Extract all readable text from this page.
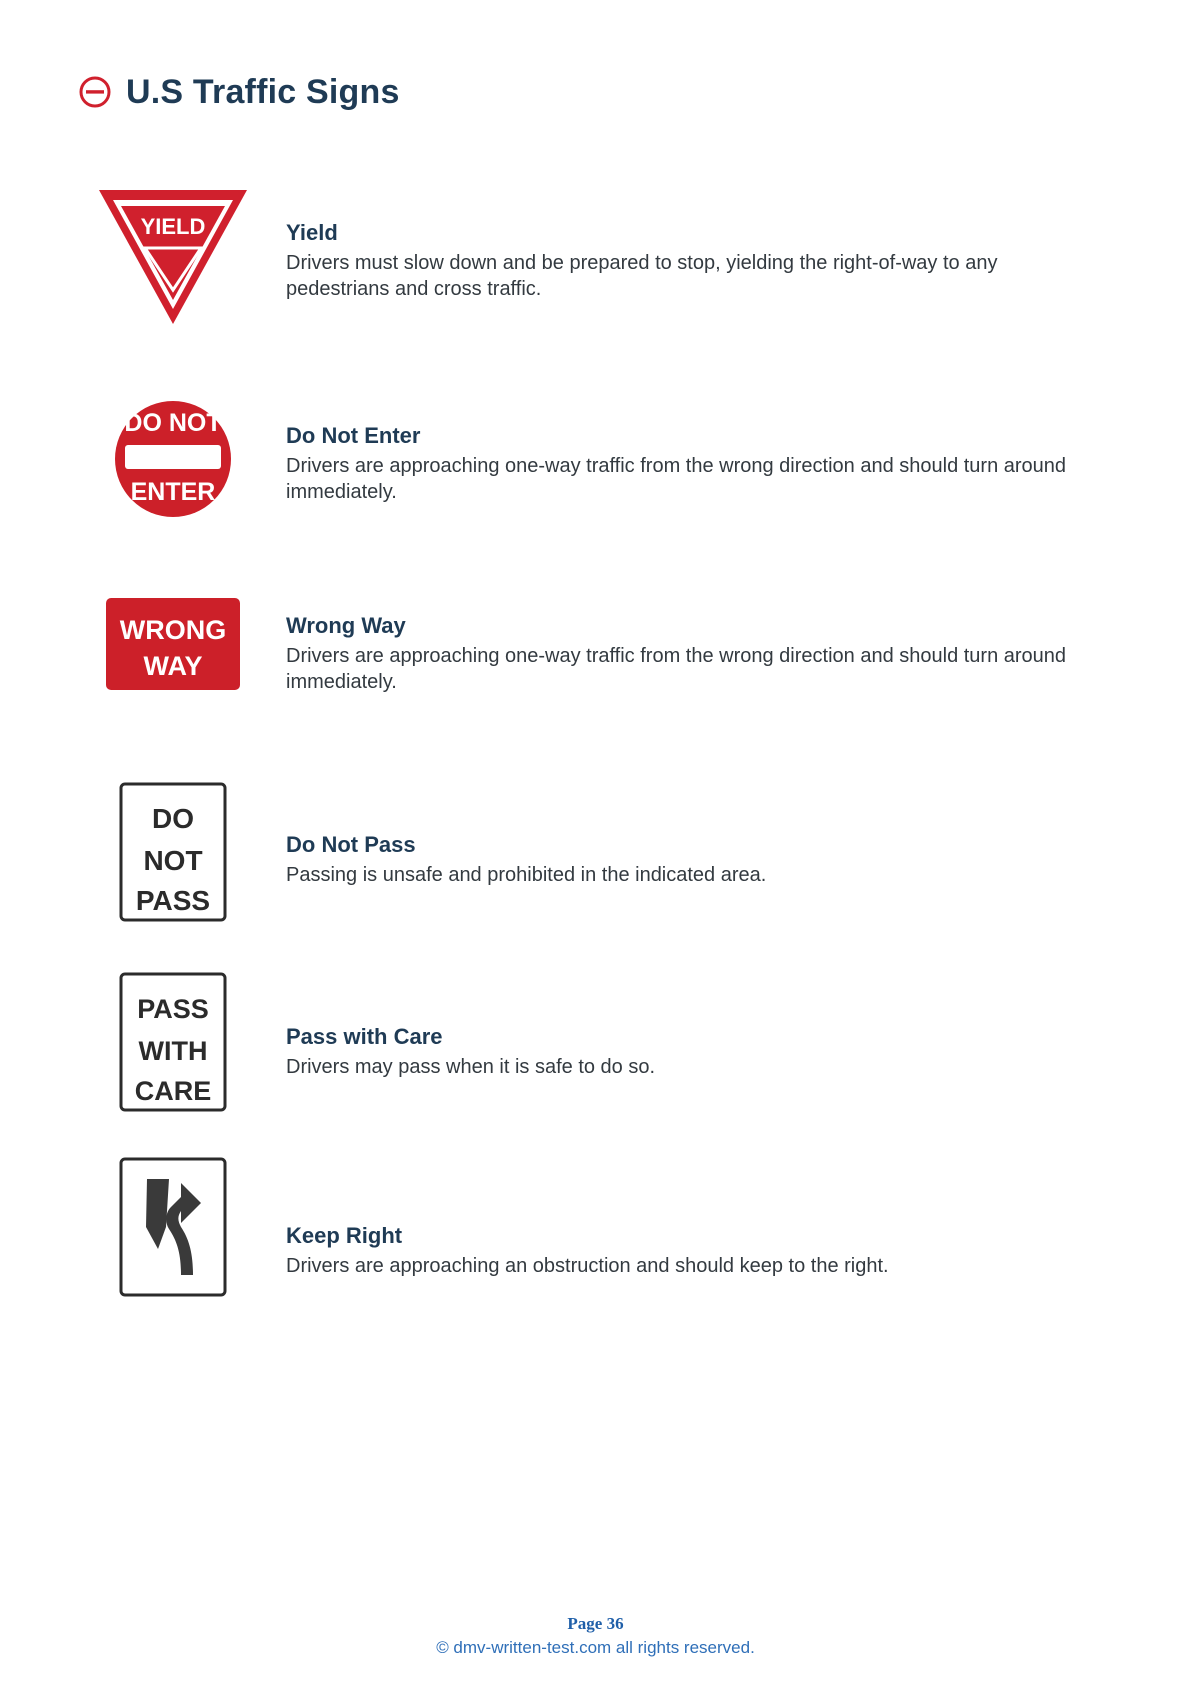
U.S Traffic Signs
YIELD	Yield

Drivers must slow down and be prepared to stop, yielding the right-of-way to any pedestrians and cross traffic.

DO NOT
ENTER
Do Not Enter

Drivers are approaching one-way traffic from the wrong direction and should turn around immediately.

WRONG
WAY
Wrong Way

Drivers are approaching one-way traffic from the wrong direction and should turn around immediately.

DO
NOT
PASS
Do Not Pass

Passing is unsafe and prohibited in the indicated area.

PASS
WITH
CARE
Pass with Care

Drivers may pass when it is safe to do so.

Keep Right

Drivers are approaching an obstruction and should keep to the right.

Page 36
© dmv-written-test.com all rights reserved.
